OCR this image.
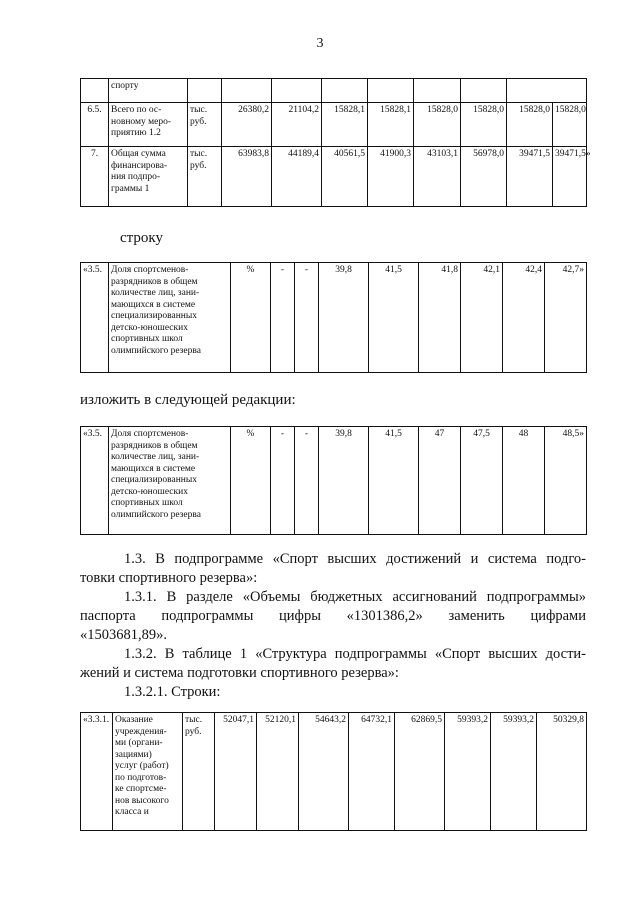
3
	спорту									
6.5.	Всего по ос-
новному меро-
приятию 1.2	тыс.
руб.	26380,2	21104,2	15828,1	15828,1	15828,0	15828,0	15828,0	15828,0
7.	Общая сумма
финансирова-
ния подпро-
граммы 1	тыс.
руб.	63983,8	44189,4	40561,5	41900,3	43103,1	56978,0	39471,5	39471,5»
строку
«3.5.	Доля спортсменов-
разрядников в общем
количестве лиц, зани-
мающихся в системе
специализированных
детско-юношеских
спортивных школ
олимпийского резерва	%	-	-	39,8	41,5	41,8	42,1	42,4	42,7»
изложить в следующей редакции:
«3.5.	Доля спортсменов-
разрядников в общем
количестве лиц, зани-
мающихся в системе
специализированных
детско-юношеских
спортивных школ
олимпийского резерва	%	-	-	39,8	41,5	47	47,5	48	48,5»
1.3. В подпрограмме «Спорт высших достижений и система подго-
товки спортивного резерва»:
1.3.1. В разделе «Объемы бюджетных ассигнований подпрограммы»
паспорта подпрограммы цифры «1301386,2» заменить цифрами
«1503681,89».
1.3.2. В таблице 1 «Структура подпрограммы «Спорт высших дости-
жений и система подготовки спортивного резерва»:
1.3.2.1. Строки:
«3.3.1.	Оказание
учреждения-
ми (органи-
зациями)
услуг (работ)
по подготов-
ке спортсме-
нов высокого
класса и	тыс.
руб.	52047,1	52120,1	54643,2	64732,1	62869,5	59393,2	59393,2	50329,8
